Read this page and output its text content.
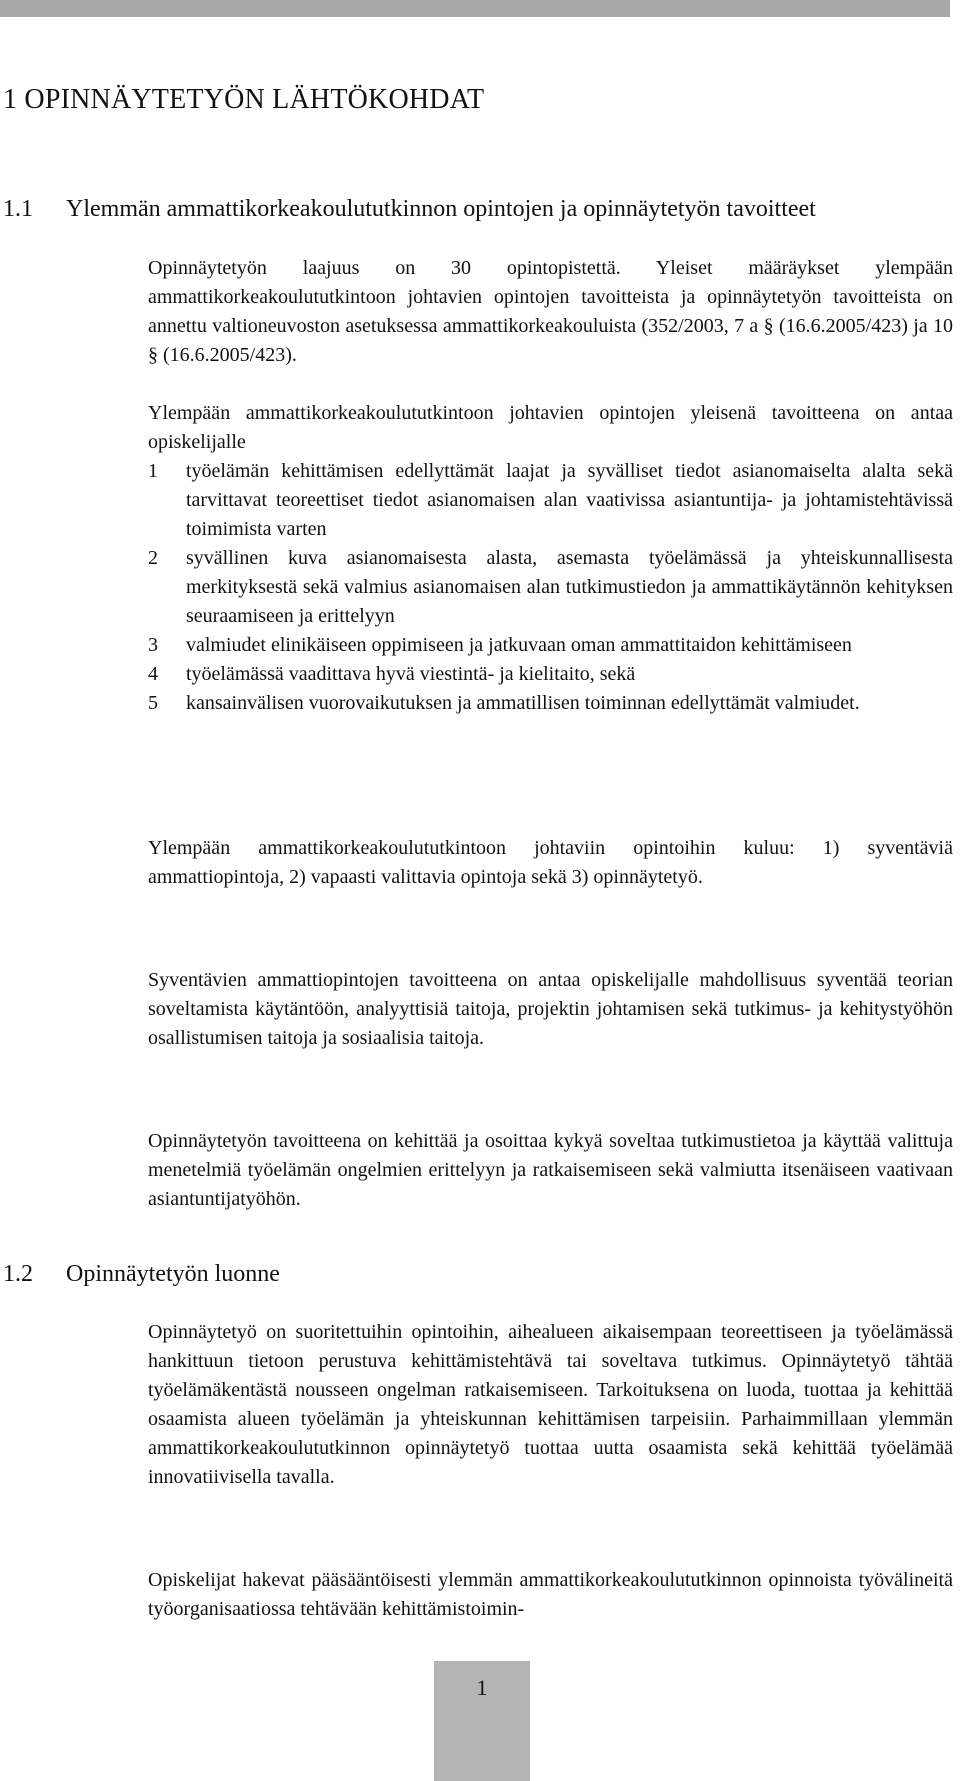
1 OPINNÄYTETYÖN LÄHTÖKOHDAT
1.1 Ylemmän ammattikorkeakoulututkinnon opintojen ja opinnäytetyön tavoitteet

Opinnäytetyön laajuus on 30 opintopistettä. Yleiset määräykset ylempään ammattikorkeakoulututkintoon johtavien opintojen tavoitteista ja opinnäytetyön tavoitteista on annettu valtioneuvoston asetuksessa ammattikorkeakouluista (352/2003, 7 a § (16.6.2005/423) ja 10 § (16.6.2005/423).

Ylempään ammattikorkeakoulututkintoon johtavien opintojen yleisenä tavoitteena on antaa opiskelijalle

1 työelämän kehittämisen edellyttämät laajat ja syvälliset tiedot asianomaiselta alalta sekä tarvittavat teoreettiset tiedot asianomaisen alan vaativissa asiantuntija- ja johtamistehtävissä toimimista varten
2 syvällinen kuva asianomaisesta alasta, asemasta työelämässä ja yhteiskunnallisesta merkityksestä sekä valmius asianomaisen alan tutkimustiedon ja ammattikäytännön kehityksen seuraamiseen ja erittelyyn
3 valmiudet elinikäiseen oppimiseen ja jatkuvaan oman ammattitaidon kehittämiseen
4 työelämässä vaadittava hyvä viestintä- ja kielitaito, sekä
5 kansainvälisen vuorovaikutuksen ja ammatillisen toiminnan edellyttämät valmiudet.

Ylempään ammattikorkeakoulututkintoon johtaviin opintoihin kuluu: 1) syventäviä ammattiopintoja, 2) vapaasti valittavia opintoja sekä 3) opinnäytetyö.

Syventävien ammattiopintojen tavoitteena on antaa opiskelijalle mahdollisuus syventää teorian soveltamista käytäntöön, analyyttisiä taitoja, projektin johtamisen sekä tutkimus- ja kehitystyöhön osallistumisen taitoja ja sosiaalisia taitoja.

Opinnäytetyön tavoitteena on kehittää ja osoittaa kykyä soveltaa tutkimustietoa ja käyttää valittuja menetelmiä työelämän ongelmien erittelyyn ja ratkaisemiseen sekä valmiutta itsenäiseen vaativaan asiantuntijatyöhön.

1.2 Opinnäytetyön luonne

Opinnäytetyö on suoritettuihin opintoihin, aihealueen aikaisempaan teoreettiseen ja työelämässä hankittuun tietoon perustuva kehittämistehtävä tai soveltava tutkimus. Opinnäytetyö tähtää työelämäkentästä nousseen ongelman ratkaisemiseen. Tarkoituksena on luoda, tuottaa ja kehittää osaamista alueen työelämän ja yhteiskunnan kehittämisen tarpeisiin. Parhaimmillaan ylemmän ammattikorkeakoulututkinnon opinnäytetyö tuottaa uutta osaamista sekä kehittää työelämää innovatiivisella tavalla.

Opiskelijat hakevat pääsääntöisesti ylemmän ammattikorkeakoulututkinnon opinnoista työvälineitä työorganisaatiossa tehtävään kehittämistoimin-

1
